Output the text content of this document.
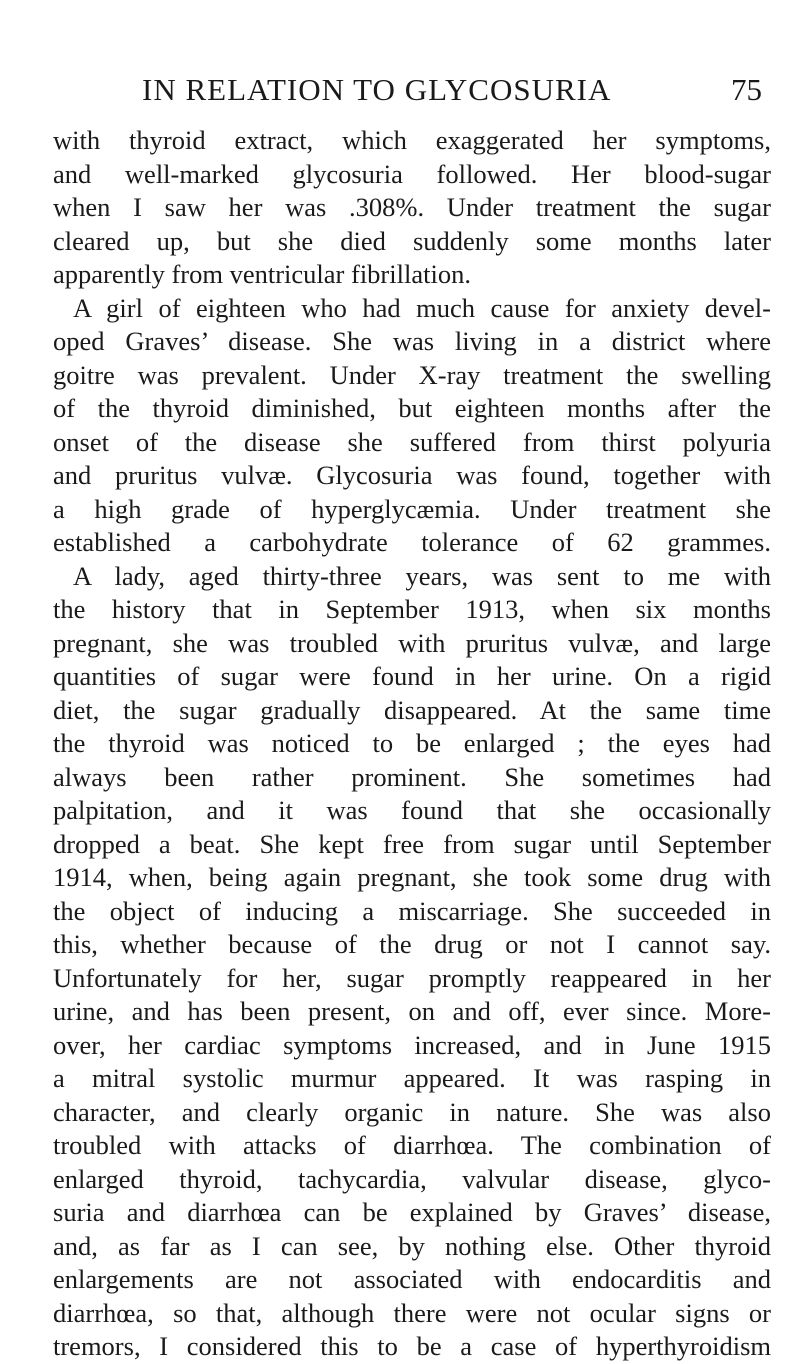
IN RELATION TO GLYCOSURIA	75
with thyroid extract, which exaggerated her symptoms,
and well-marked glycosuria followed. Her blood-sugar
when I saw her was .308%. Under treatment the sugar
cleared up, but she died suddenly some months later
apparently from ventricular fibrillation.
A girl of eighteen who had much cause for anxiety devel-
oped Graves’ disease. She was living in a district where
goitre was prevalent. Under X-ray treatment the swelling
of the thyroid diminished, but eighteen months after the
onset of the disease she suffered from thirst polyuria
and pruritus vulvæ. Glycosuria was found, together with
a high grade of hyperglycæmia. Under treatment she
established a carbohydrate tolerance of 62 grammes.
A lady, aged thirty-three years, was sent to me with
the history that in September 1913, when six months
pregnant, she was troubled with pruritus vulvæ, and large
quantities of sugar were found in her urine. On a rigid
diet, the sugar gradually disappeared. At the same time
the thyroid was noticed to be enlarged ; the eyes had
always been rather prominent. She sometimes had
palpitation, and it was found that she occasionally
dropped a beat. She kept free from sugar until September
1914, when, being again pregnant, she took some drug with
the object of inducing a miscarriage. She succeeded in
this, whether because of the drug or not I cannot say.
Unfortunately for her, sugar promptly reappeared in her
urine, and has been present, on and off, ever since. More-
over, her cardiac symptoms increased, and in June 1915
a mitral systolic murmur appeared. It was rasping in
character, and clearly organic in nature. She was also
troubled with attacks of diarrhœa. The combination of
enlarged thyroid, tachycardia, valvular disease, glyco-
suria and diarrhœa can be explained by Graves’ disease,
and, as far as I can see, by nothing else. Other thyroid
enlargements are not associated with endocarditis and
diarrhœa, so that, although there were not ocular signs or
tremors, I considered this to be a case of hyperthyroidism
